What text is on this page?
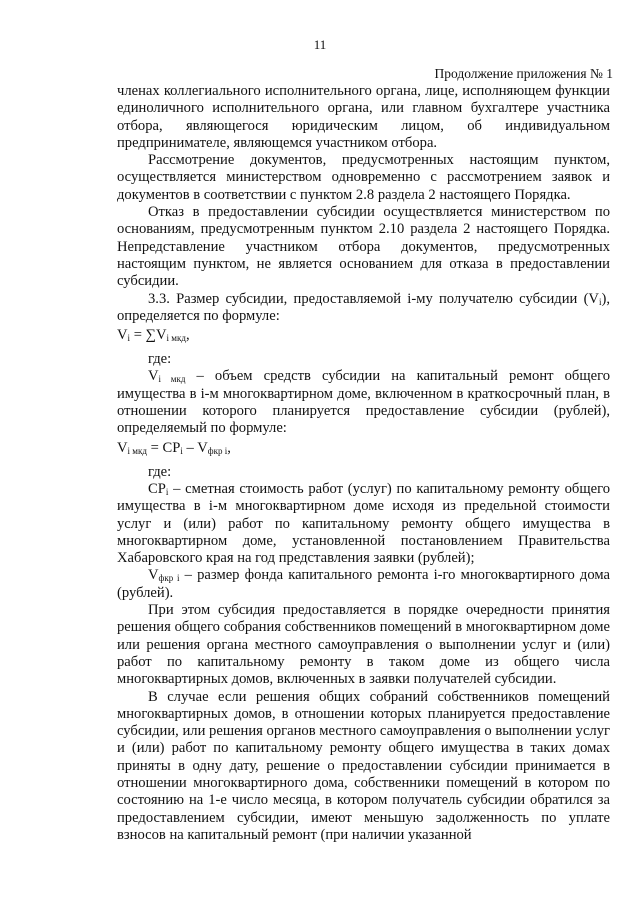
11
Продолжение приложения № 1

членах коллегиального исполнительного органа, лице, исполняющем функции единоличного исполнительного органа, или главном бухгалтере участника отбора, являющегося юридическим лицом, об индивидуальном предпринимателе, являющемся участником отбора.

Рассмотрение документов, предусмотренных настоящим пунктом, осуществляется министерством одновременно с рассмотрением заявок и документов в соответствии с пунктом 2.8 раздела 2 настоящего Порядка.

Отказ в предоставлении субсидии осуществляется министерством по основаниям, предусмотренным пунктом 2.10 раздела 2 настоящего Порядка. Непредставление участником отбора документов, предусмотренных настоящим пунктом, не является основанием для отказа в предоставлении субсидии.

3.3. Размер субсидии, предоставляемой i-му получателю субсидии $(V_i)$, определяется по формуле:

$V_i = \sum V_{i мкд}$,

где:

$V_{i мкд}$ – объем средств субсидии на капитальный ремонт общего имущества в i-м многоквартирном доме, включенном в краткосрочный план, в отношении которого планируется предоставление субсидии (рублей), определяемый по формуле:

$V_{i мкд} = CP_i - V_{фкр i}$,

где:

$CP_i$ – сметная стоимость работ (услуг) по капитальному ремонту общего имущества в i-м многоквартирном доме исходя из предельной стоимости услуг и (или) работ по капитальному ремонту общего имущества в многоквартирном доме, установленной постановлением Правительства Хабаровского края на год представления заявки (рублей);

$V_{фкр i}$ – размер фонда капитального ремонта i-го многоквартирного дома (рублей).

При этом субсидия предоставляется в порядке очередности принятия решения общего собрания собственников помещений в многоквартирном доме или решения органа местного самоуправления о выполнении услуг и (или) работ по капитальному ремонту в таком доме из общего числа многоквартирных домов, включенных в заявки получателей субсидии.

В случае если решения общих собраний собственников помещений многоквартирных домов, в отношении которых планируется предоставление субсидии, или решения органов местного самоуправления о выполнении услуг и (или) работ по капитальному ремонту общего имущества в таких домах приняты в одну дату, решение о предоставлении субсидии принимается в отношении многоквартирного дома, собственники помещений в котором по состоянию на 1-е число месяца, в котором получатель субсидии обратился за предоставлением субсидии, имеют меньшую задолженность по уплате взносов на капитальный ремонт (при наличии указанной
